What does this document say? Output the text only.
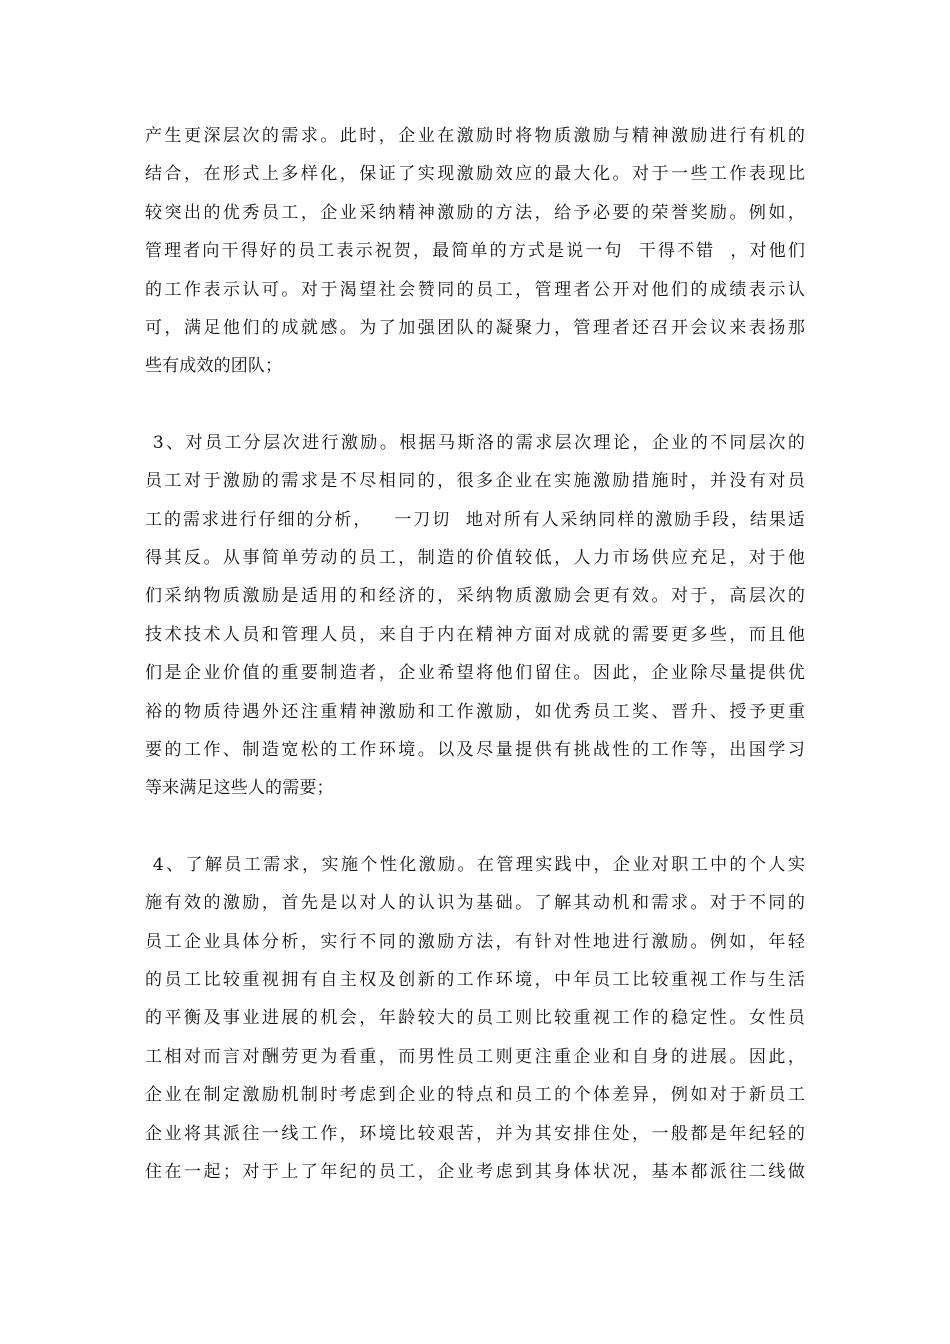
产生更深层次的需求。此时，企业在激励时将物质激励与精神激励进行有机的
结合，在形式上多样化，保证了实现激励效应的最大化。对于一些工作表现比
较突出的优秀员工，企业采纳精神激励的方法，给予必要的荣誉奖励。例如，
管理者向干得好的员工表示祝贺，最简单的方式是说一句  干得不错  ，对他们
的工作表示认可。对于渴望社会赞同的员工，管理者公开对他们的成绩表示认
可，满足他们的成就感。为了加强团队的凝聚力，管理者还召开会议来表扬那
些有成效的团队；
3、对员工分层次进行激励。根据马斯洛的需求层次理论，企业的不同层次的
员工对于激励的需求是不尽相同的，很多企业在实施激励措施时，并没有对员
工的需求进行仔细的分析，   一刀切  地对所有人采纳同样的激励手段，结果适
得其反。从事简单劳动的员工，制造的价值较低，人力市场供应充足，对于他
们采纳物质激励是适用的和经济的，采纳物质激励会更有效。对于，高层次的
技术技术人员和管理人员，来自于内在精神方面对成就的需要更多些，而且他
们是企业价值的重要制造者，企业希望将他们留住。因此，企业除尽量提供优
裕的物质待遇外还注重精神激励和工作激励，如优秀员工奖、晋升、授予更重
要的工作、制造宽松的工作环境。以及尽量提供有挑战性的工作等，出国学习
等来满足这些人的需要；
4、了解员工需求，实施个性化激励。在管理实践中，企业对职工中的个人实
施有效的激励，首先是以对人的认识为基础。了解其动机和需求。对于不同的
员工企业具体分析，实行不同的激励方法，有针对性地进行激励。例如，年轻
的员工比较重视拥有自主权及创新的工作环境，中年员工比较重视工作与生活
的平衡及事业进展的机会，年龄较大的员工则比较重视工作的稳定性。女性员
工相对而言对酬劳更为看重，而男性员工则更注重企业和自身的进展。因此，
企业在制定激励机制时考虑到企业的特点和员工的个体差异，例如对于新员工
企业将其派往一线工作，环境比较艰苦，并为其安排住处，一般都是年纪轻的
住在一起；对于上了年纪的员工，企业考虑到其身体状况，基本都派往二线做
